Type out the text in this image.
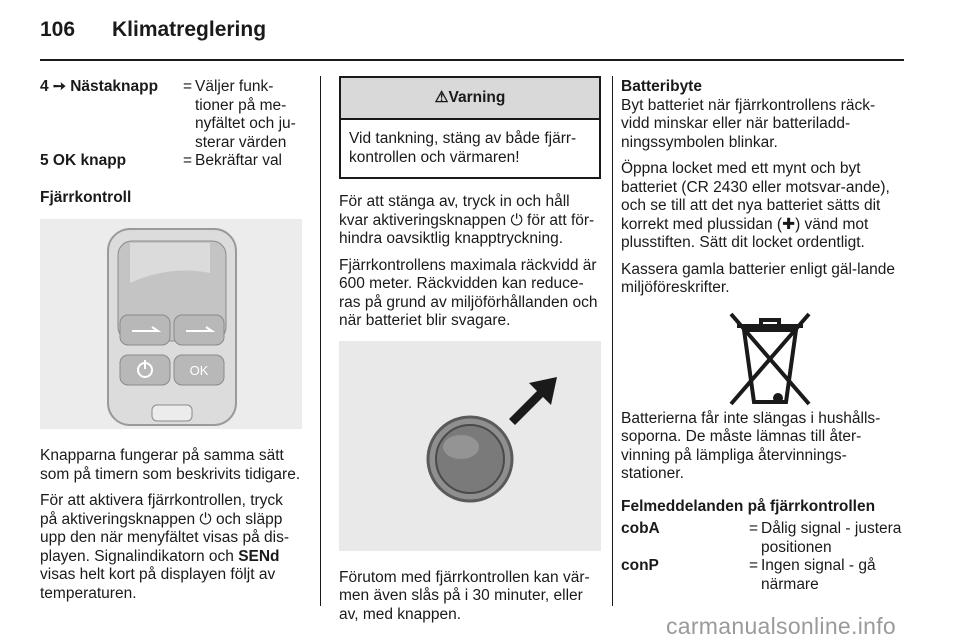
106 Klimatreglering
4 ➙ Nästaknapp	= Väljer funk-tioner på me-nyfältet och ju-sterar värden
5 OK knapp	= Bekräftar val
Fjärrkontroll
OK

Knapparna fungerar på samma sätt som på timern som beskrivits tidigare.

För att aktivera fjärrkontrollen, tryck på aktiveringsknappen ⏻ och släpp upp den när menyfältet visas på dis-playen. Signalindikatorn och SENd visas helt kort på displayen följt av temperaturen.

⚠Varning
Vid tankning, stäng av både fjärr-kontrollen och värmaren!

För att stänga av, tryck in och håll kvar aktiveringsknappen ⏻ för att för-hindra oavsiktlig knapptryckning.

Fjärrkontrollens maximala räckvidd är 600 meter. Räckvidden kan reduce-ras på grund av miljöförhållanden och när batteriet blir svagare.

Förutom med fjärrkontrollen kan vär-men även slås på i 30 minuter, eller av, med knappen.

Batteribyte

Byt batteriet när fjärrkontrollens räck-vidd minskar eller när batteriladd-ningssymbolen blinkar.

Öppna locket med ett mynt och byt batteriet (CR 2430 eller motsvar-ande), och se till att det nya batteriet sätts dit korrekt med plussidan (✚) vänd mot plusstiften. Sätt dit locket ordentligt.

Kassera gamla batterier enligt gäl-lande miljöföreskrifter.

Batterierna får inte slängas i hushålls-soporna. De måste lämnas till åter-vinning på lämpliga återvinnings-stationer.

Felmeddelanden på fjärrkontrollen
cobA	= Dålig signal - justera positionen
conP	= Ingen signal - gå närmare
carmanualsonline.info
